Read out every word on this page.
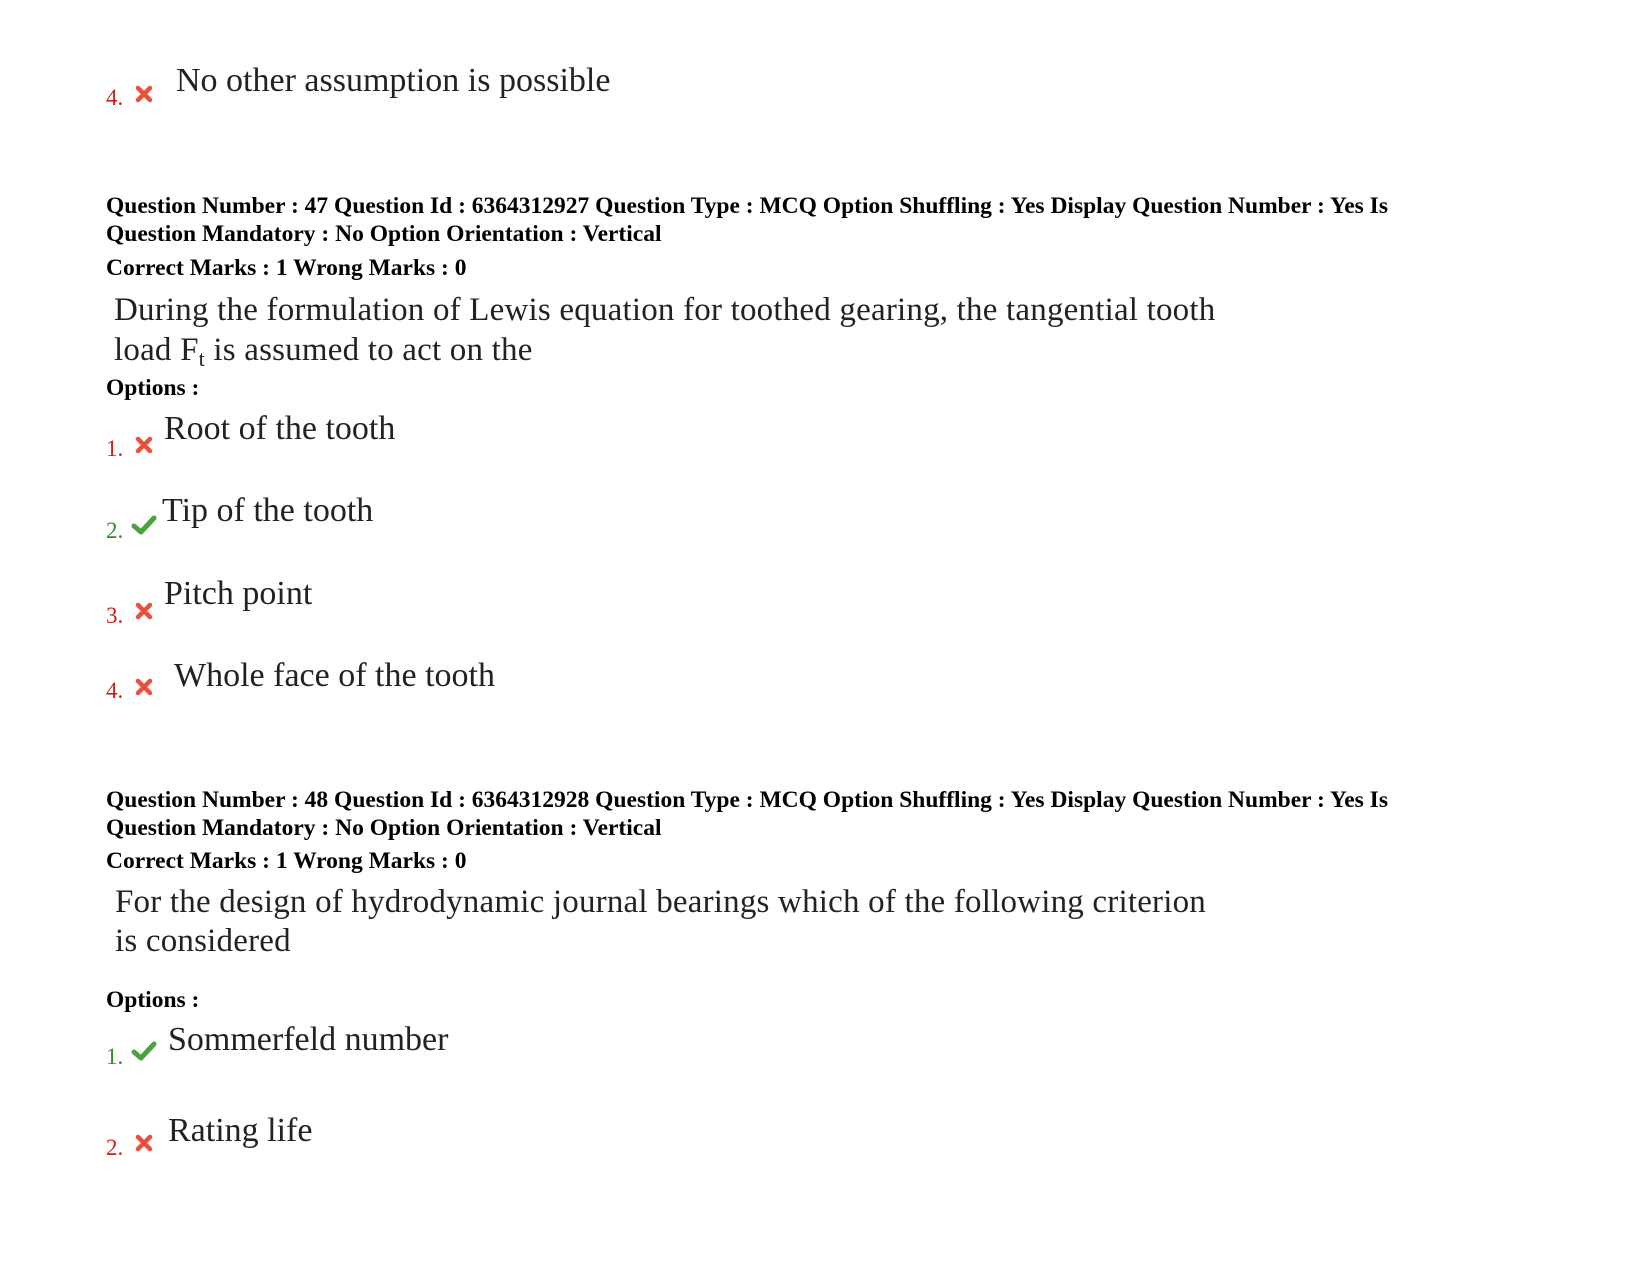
4. No other assumption is possible
Question Number : 47 Question Id : 6364312927 Question Type : MCQ Option Shuffling : Yes Display Question Number : Yes Is
Question Mandatory : No Option Orientation : Vertical
Correct Marks : 1 Wrong Marks : 0
During the formulation of Lewis equation for toothed gearing, the tangential tooth
load $F_t$ is assumed to act on the
Options :
1.
Root of the tooth
2.
Tip of the tooth
3.
Pitch point
4. Whole face of the tooth
Question Number : 48 Question Id : 6364312928 Question Type : MCQ Option Shuffling : Yes Display Question Number : Yes Is
Question Mandatory : No Option Orientation : Vertical
Correct Marks : 1 Wrong Marks : 0
For the design of hydrodynamic journal bearings which of the following criterion
is considered
Options :
1. Sommerfeld number
2. Rating life
